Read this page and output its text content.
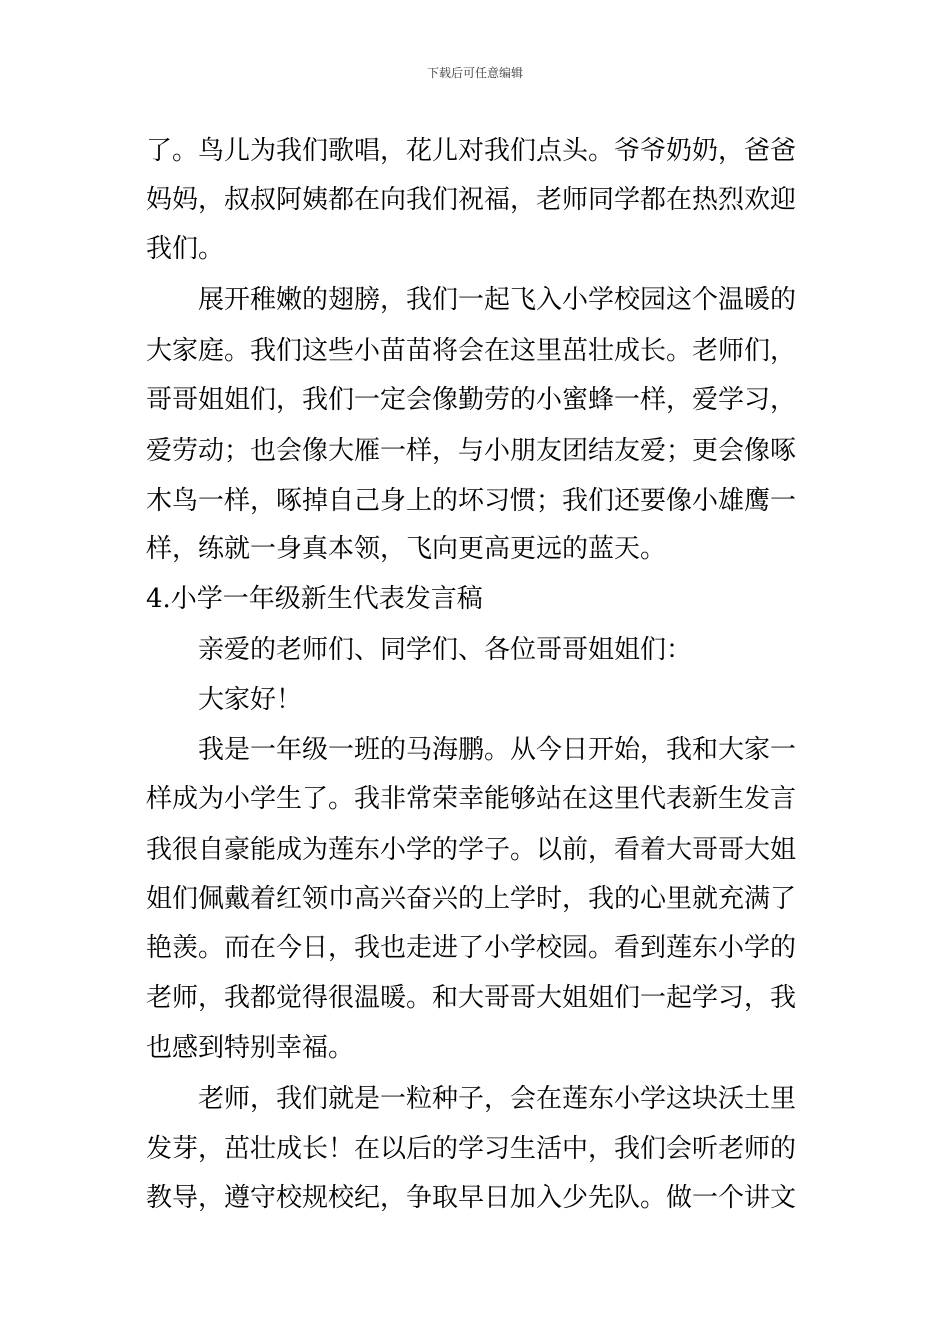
下载后可任意编辑
了。鸟儿为我们歌唱，花儿对我们点头。爷爷奶奶，爸爸
妈妈，叔叔阿姨都在向我们祝福，老师同学都在热烈欢迎
我们。
展开稚嫩的翅膀，我们一起飞入小学校园这个温暖的
大家庭。我们这些小苗苗将会在这里茁壮成长。老师们，
哥哥姐姐们，我们一定会像勤劳的小蜜蜂一样，爱学习，
爱劳动；也会像大雁一样，与小朋友团结友爱；更会像啄
木鸟一样，啄掉自己身上的坏习惯；我们还要像小雄鹰一
样，练就一身真本领，飞向更高更远的蓝天。
4.小学一年级新生代表发言稿
亲爱的老师们、同学们、各位哥哥姐姐们：
大家好！
我是一年级一班的马海鹏。从今日开始，我和大家一
样成为小学生了。我非常荣幸能够站在这里代表新生发言
我很自豪能成为莲东小学的学子。以前，看着大哥哥大姐
姐们佩戴着红领巾高兴奋兴的上学时，我的心里就充满了
艳羡。而在今日，我也走进了小学校园。看到莲东小学的
老师，我都觉得很温暖。和大哥哥大姐姐们一起学习，我
也感到特别幸福。
老师，我们就是一粒种子，会在莲东小学这块沃土里
发芽，茁壮成长！在以后的学习生活中，我们会听老师的
教导，遵守校规校纪，争取早日加入少先队。做一个讲文
